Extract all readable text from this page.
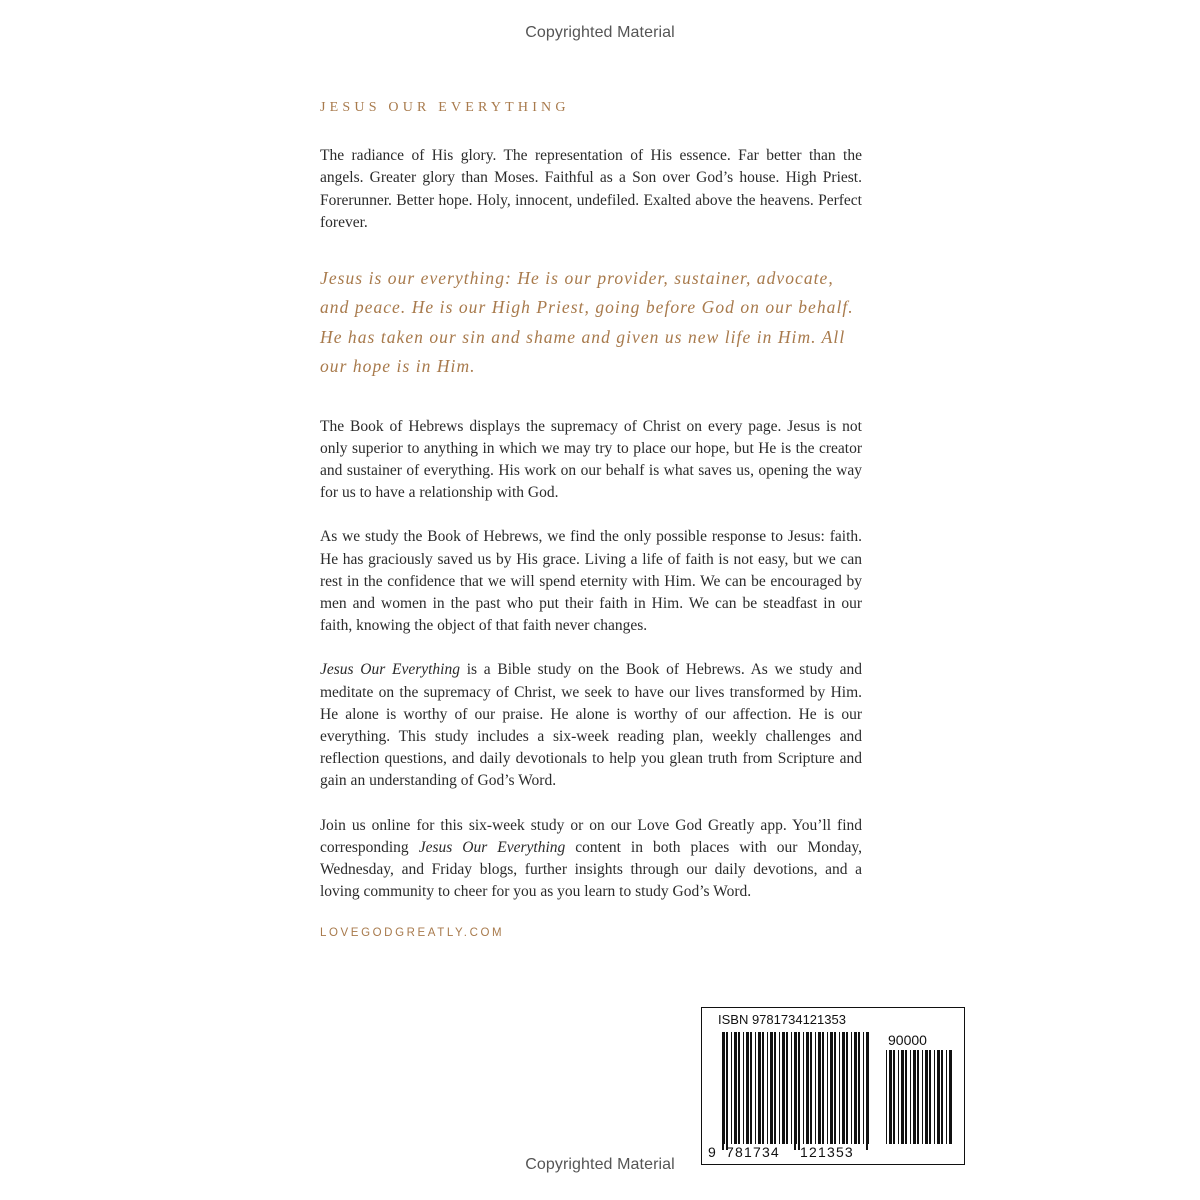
Copyrighted Material
JESUS OUR EVERYTHING
The radiance of His glory. The representation of His essence. Far better than the angels. Greater glory than Moses. Faithful as a Son over God’s house. High Priest. Forerunner. Better hope. Holy, innocent, undefiled. Exalted above the heavens. Perfect forever.
Jesus is our everything: He is our provider, sustainer, advocate, and peace. He is our High Priest, going before God on our behalf. He has taken our sin and shame and given us new life in Him. All our hope is in Him.

The Book of Hebrews displays the supremacy of Christ on every page. Jesus is not only superior to anything in which we may try to place our hope, but He is the creator and sustainer of everything. His work on our behalf is what saves us, opening the way for us to have a relationship with God.

As we study the Book of Hebrews, we find the only possible response to Jesus: faith. He has graciously saved us by His grace. Living a life of faith is not easy, but we can rest in the confidence that we will spend eternity with Him. We can be encouraged by men and women in the past who put their faith in Him. We can be steadfast in our faith, knowing the object of that faith never changes.

Jesus Our Everything is a Bible study on the Book of Hebrews. As we study and meditate on the supremacy of Christ, we seek to have our lives transformed by Him. He alone is worthy of our praise. He alone is worthy of our affection. He is our everything. This study includes a six-week reading plan, weekly challenges and reflection questions, and daily devotionals to help you glean truth from Scripture and gain an understanding of God’s Word.

Join us online for this six-week study or on our Love God Greatly app. You’ll find corresponding Jesus Our Everything content in both places with our Monday, Wednesday, and Friday blogs, further insights through our daily devotions, and a loving community to cheer for you as you learn to study God’s Word.

LOVEGODGREATLY.COM
ISBN 9781734121353
90000
9 781734 121353
Copyrighted Material
